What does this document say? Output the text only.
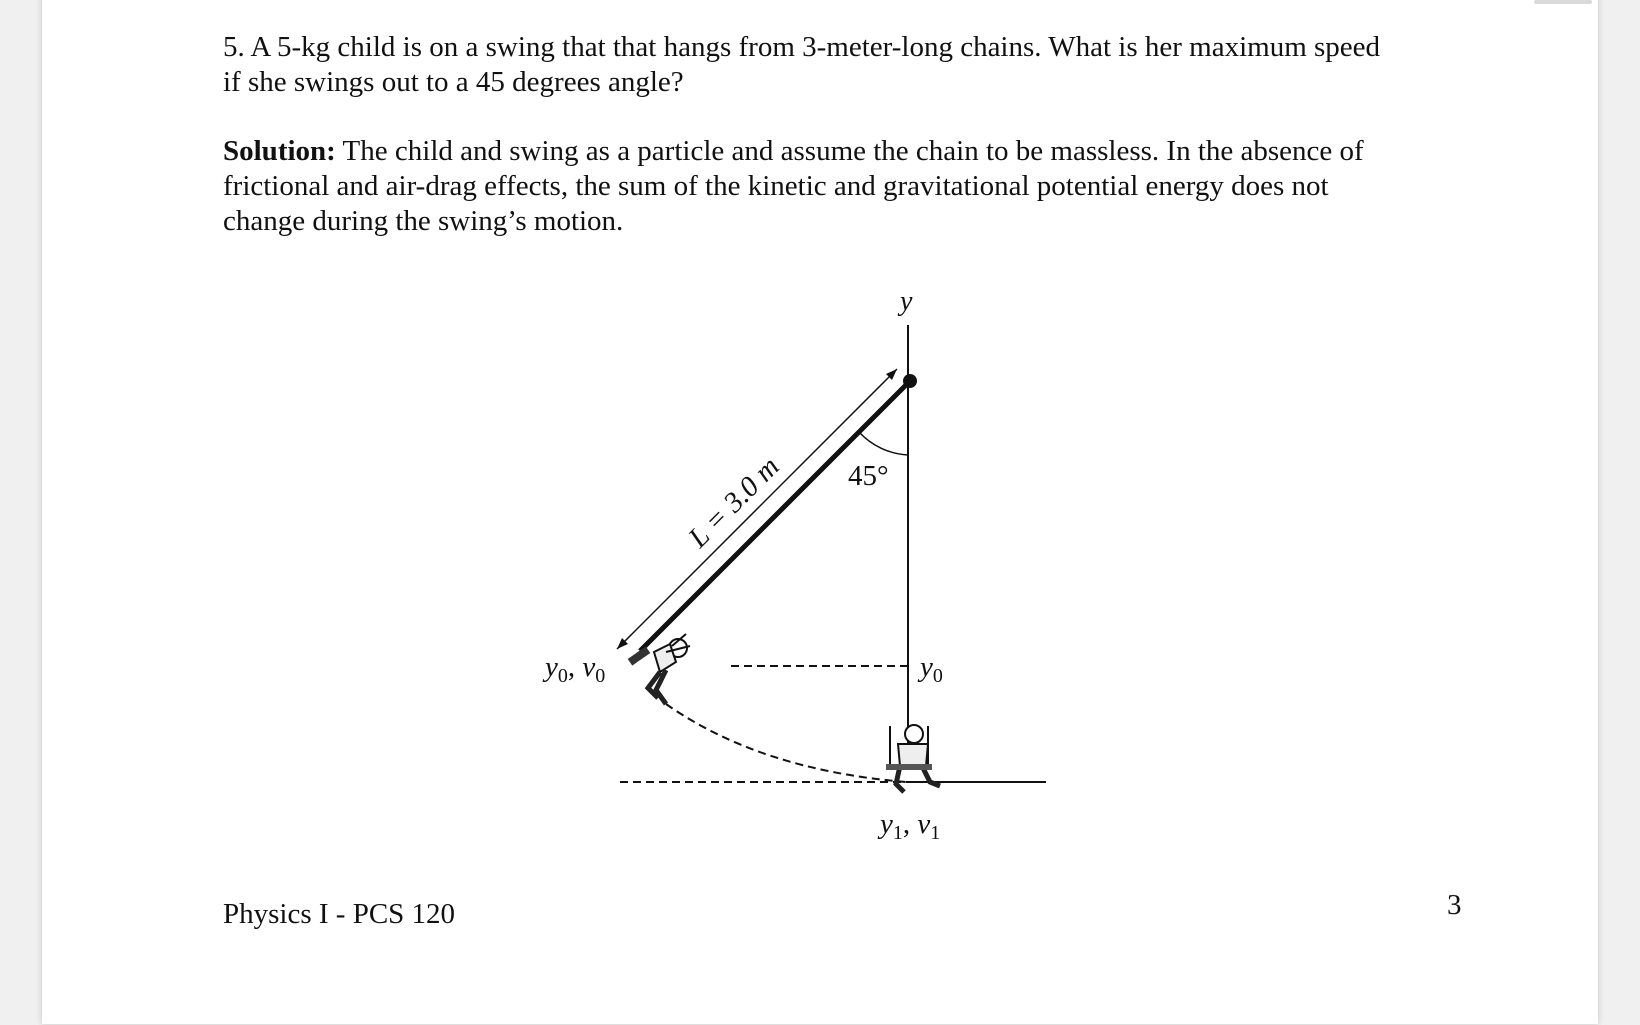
5. A 5-kg child is on a swing that that hangs from 3-meter-long chains. What is her maximum speed if she swings out to a 45 degrees angle?

Solution: The child and swing as a particle and assume the chain to be massless. In the absence of frictional and air-drag effects, the sum of the kinetic and gravitational potential energy does not change during the swing’s motion.

y
45°
L = 3.0 m
$y_0$, $v_0$	$y_0$
$y_1$, $v_1$
Physics I - PCS 120	3
